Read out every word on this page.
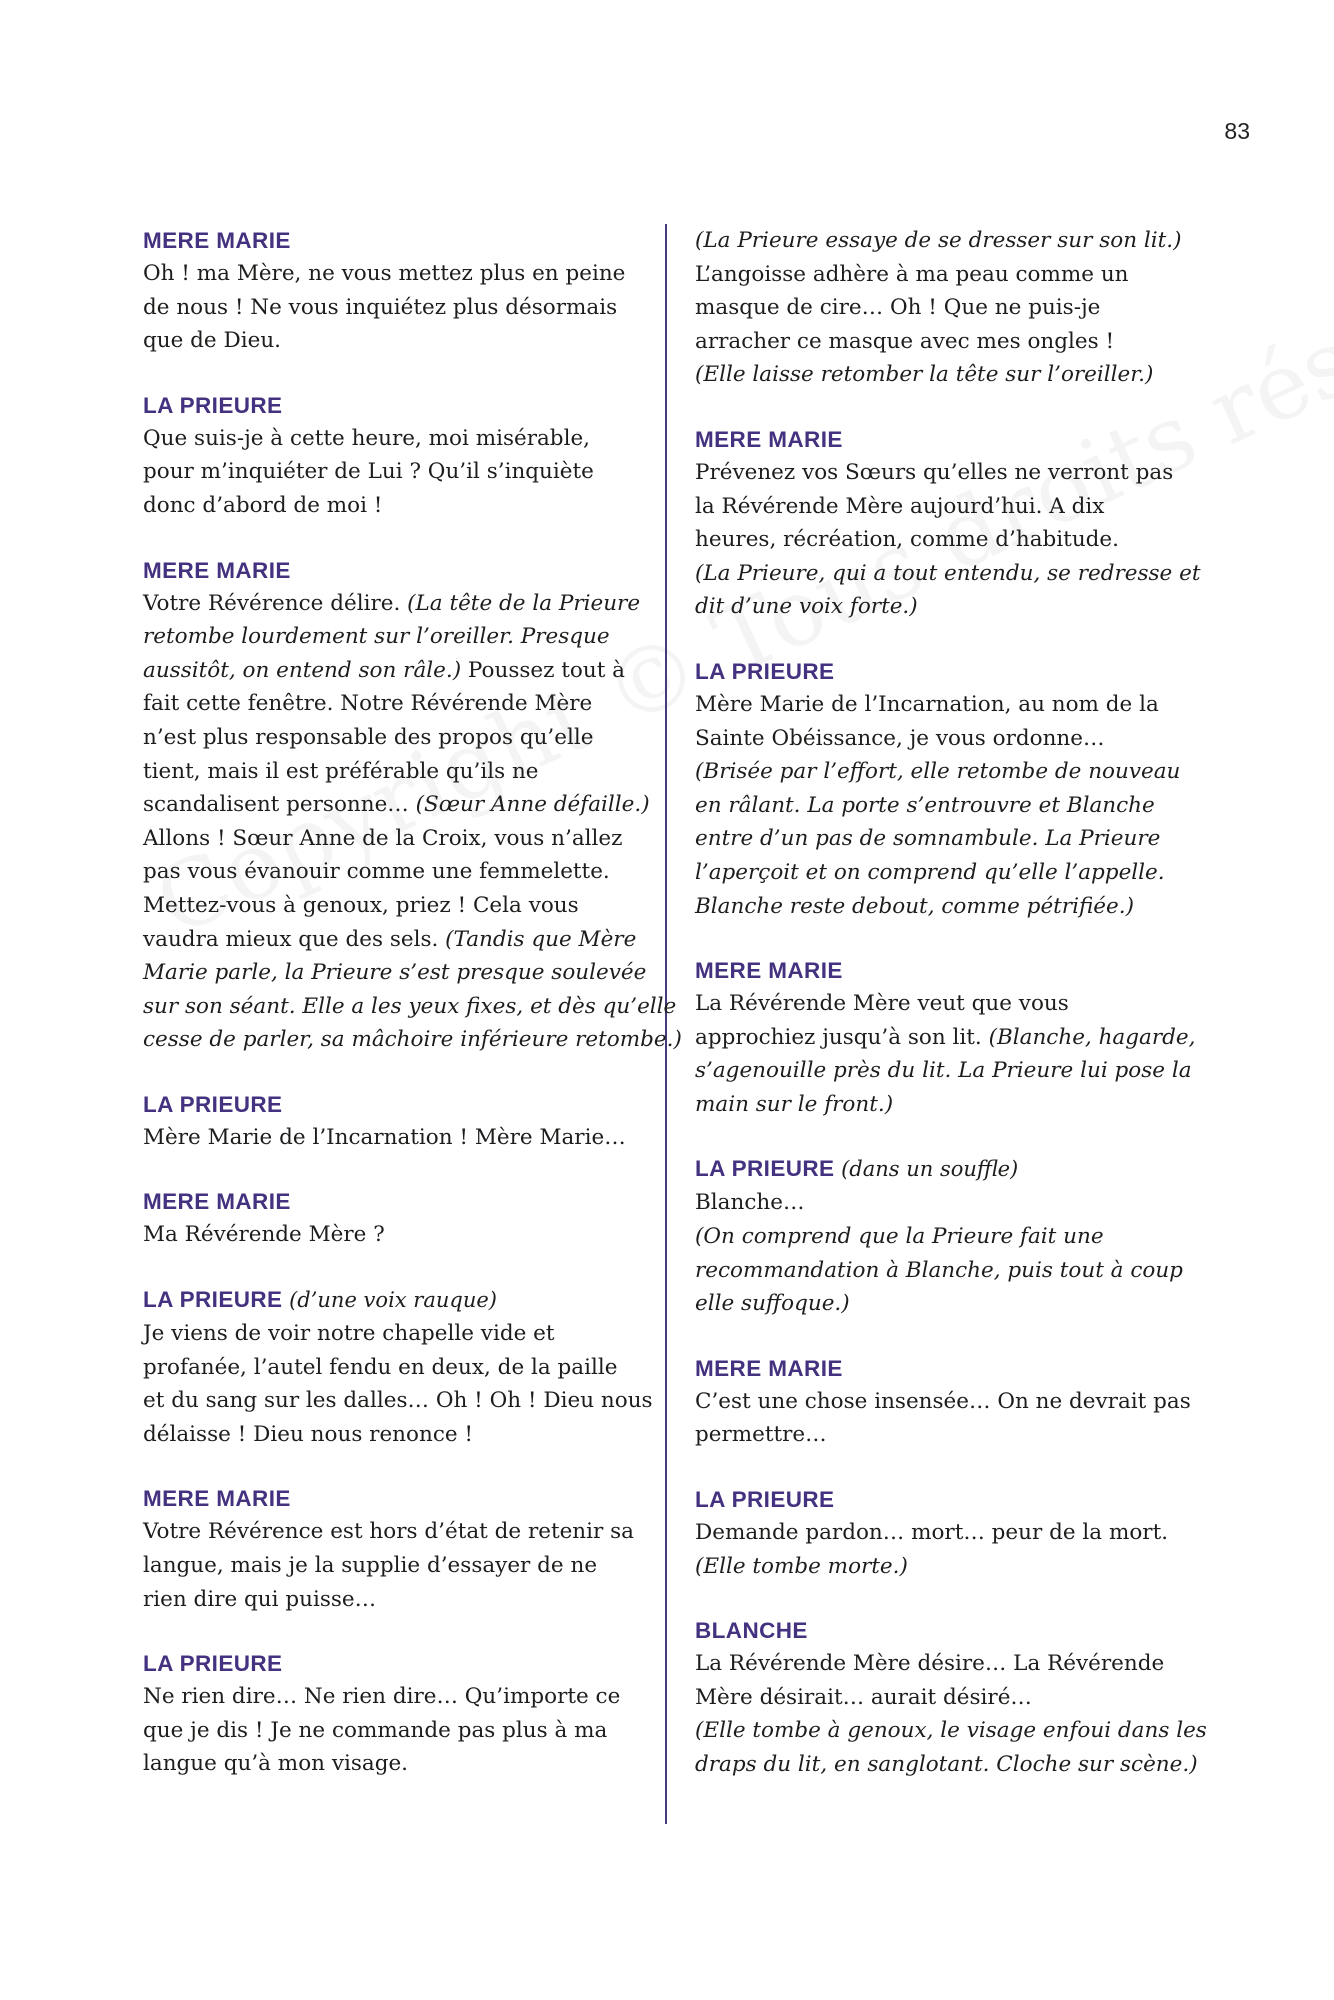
83
MERE MARIE
Oh ! ma Mère, ne vous mettez plus en peine
de nous ! Ne vous inquiétez plus désormais
que de Dieu.
LA PRIEURE
Que suis-je à cette heure, moi misérable,
pour m’inquiéter de Lui ? Qu’il s’inquiète
donc d’abord de moi !
MERE MARIE
Votre Révérence délire. (La tête de la Prieure
retombe lourdement sur l’oreiller. Presque
aussitôt, on entend son râle.) Poussez tout à
fait cette fenêtre. Notre Révérende Mère
n’est plus responsable des propos qu’elle
tient, mais il est préférable qu’ils ne
scandalisent personne… (Sœur Anne défaille.)
Allons ! Sœur Anne de la Croix, vous n’allez
pas vous évanouir comme une femmelette.
Mettez-vous à genoux, priez ! Cela vous
vaudra mieux que des sels. (Tandis que Mère
Marie parle, la Prieure s’est presque soulevée
sur son séant. Elle a les yeux fixes, et dès qu’elle
cesse de parler, sa mâchoire inférieure retombe.)
LA PRIEURE
Mère Marie de l’Incarnation ! Mère Marie…
MERE MARIE
Ma Révérende Mère ?
LA PRIEURE (d’une voix rauque)
Je viens de voir notre chapelle vide et
profanée, l’autel fendu en deux, de la paille
et du sang sur les dalles… Oh ! Oh ! Dieu nous
délaisse ! Dieu nous renonce !
MERE MARIE
Votre Révérence est hors d’état de retenir sa
langue, mais je la supplie d’essayer de ne
rien dire qui puisse…
LA PRIEURE
Ne rien dire… Ne rien dire… Qu’importe ce
que je dis ! Je ne commande pas plus à ma
langue qu’à mon visage.
(La Prieure essaye de se dresser sur son lit.)
L’angoisse adhère à ma peau comme un
masque de cire… Oh ! Que ne puis-je
arracher ce masque avec mes ongles !
(Elle laisse retomber la tête sur l’oreiller.)
MERE MARIE
Prévenez vos Sœurs qu’elles ne verront pas
la Révérende Mère aujourd’hui. A dix
heures, récréation, comme d’habitude.
(La Prieure, qui a tout entendu, se redresse et
dit d’une voix forte.)
LA PRIEURE
Mère Marie de l’Incarnation, au nom de la
Sainte Obéissance, je vous ordonne…
(Brisée par l’effort, elle retombe de nouveau
en râlant. La porte s’entrouvre et Blanche
entre d’un pas de somnambule. La Prieure
l’aperçoit et on comprend qu’elle l’appelle.
Blanche reste debout, comme pétrifiée.)
MERE MARIE
La Révérende Mère veut que vous
approchiez jusqu’à son lit. (Blanche, hagarde,
s’agenouille près du lit. La Prieure lui pose la
main sur le front.)
LA PRIEURE (dans un souffle)
Blanche…
(On comprend que la Prieure fait une
recommandation à Blanche, puis tout à coup
elle suffoque.)
MERE MARIE
C’est une chose insensée… On ne devrait pas
permettre…
LA PRIEURE
Demande pardon… mort… peur de la mort.
(Elle tombe morte.)
BLANCHE
La Révérende Mère désire… La Révérende
Mère désirait… aurait désiré…
(Elle tombe à genoux, le visage enfoui dans les
draps du lit, en sanglotant. Cloche sur scène.)
